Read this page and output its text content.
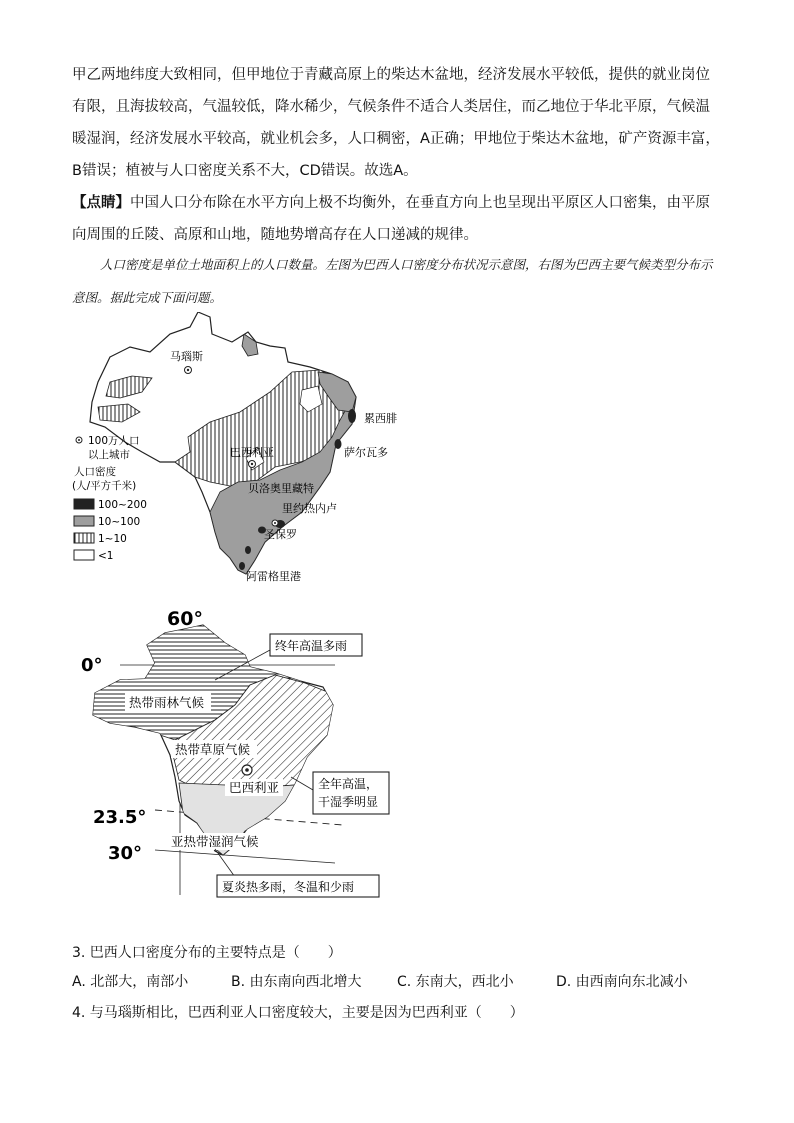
甲乙两地纬度大致相同，但甲地位于青藏高原上的柴达木盆地，经济发展水平较低，提供的就业岗位有限，且海拔较高，气温较低，降水稀少，气候条件不适合人类居住，而乙地位于华北平原，气候温暖湿润，经济发展水平较高，就业机会多，人口稠密，A正确；甲地位于柴达木盆地，矿产资源丰富，B错误；植被与人口密度关系不大，CD错误。故选A。

【点睛】中国人口分布除在水平方向上极不均衡外，在垂直方向上也呈现出平原区人口密集，由平原向周围的丘陵、高原和山地，随地势增高存在人口递减的规律。

人口密度是单位土地面积上的人口数量。左图为巴西人口密度分布状况示意图，右图为巴西主要气候类型分布示意图。据此完成下面问题。

马瑙斯
累西腓
萨尔瓦多
巴西利亚
贝洛奥里藏特
里约热内卢
圣保罗
阿雷格里港
100万人口
以上城市
人口密度
(人/平方千米)
100~200
10~100
1~10
<1
60°
0°
23.5°
30°
热带雨林气候
热带草原气候
亚热带湿润气候
巴西利亚
终年高温多雨
全年高温，
干湿季明显
夏炎热多雨，冬温和少雨

3. 巴西人口密度分布的主要特点是（　　）

A. 北部大，南部小	B. 由东南向西北增大	C. 东南大，西北小	D. 由西南向东北减小

4. 与马瑙斯相比，巴西利亚人口密度较大，主要是因为巴西利亚（　　）
